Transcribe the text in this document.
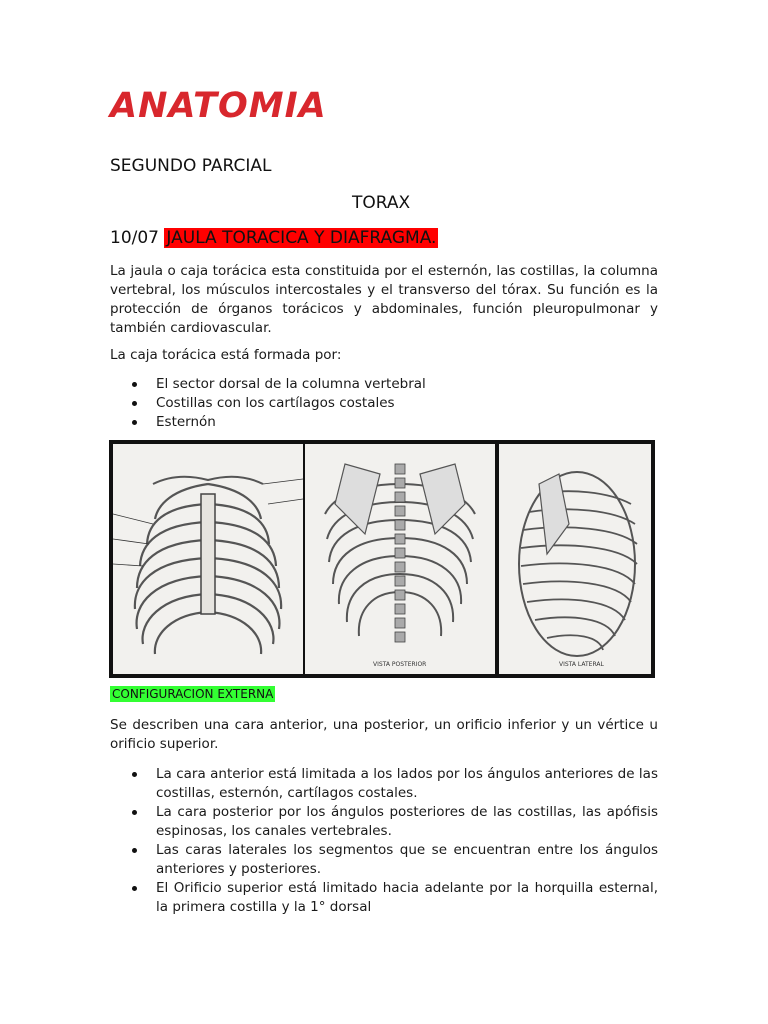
ANATOMIA
SEGUNDO PARCIAL
TORAX
10/07 JAULA TORACICA Y DIAFRAGMA.
La jaula o caja torácica esta constituida por el esternón, las costillas, la columna vertebral, los músculos intercostales y el transverso del tórax. Su función es la protección de órganos torácicos y abdominales, función pleuropulmonar y también cardiovascular.
La caja torácica está formada por:
El sector dorsal de la columna vertebral
Costillas con los cartílagos costales
Esternón
VISTA POSTERIOR	VISTA LATERAL
CONFIGURACION EXTERNA
Se describen una cara anterior, una posterior, un orificio inferior y un vértice u orificio superior.
La cara anterior está limitada a los lados por los ángulos anteriores de las costillas, esternón, cartílagos costales.
La cara posterior por los ángulos posteriores de las costillas, las apófisis espinosas, los canales vertebrales.
Las caras laterales los segmentos que se encuentran entre los ángulos anteriores y posteriores.
El Orificio superior está limitado hacia adelante por la horquilla esternal, la primera costilla y la 1° dorsal
